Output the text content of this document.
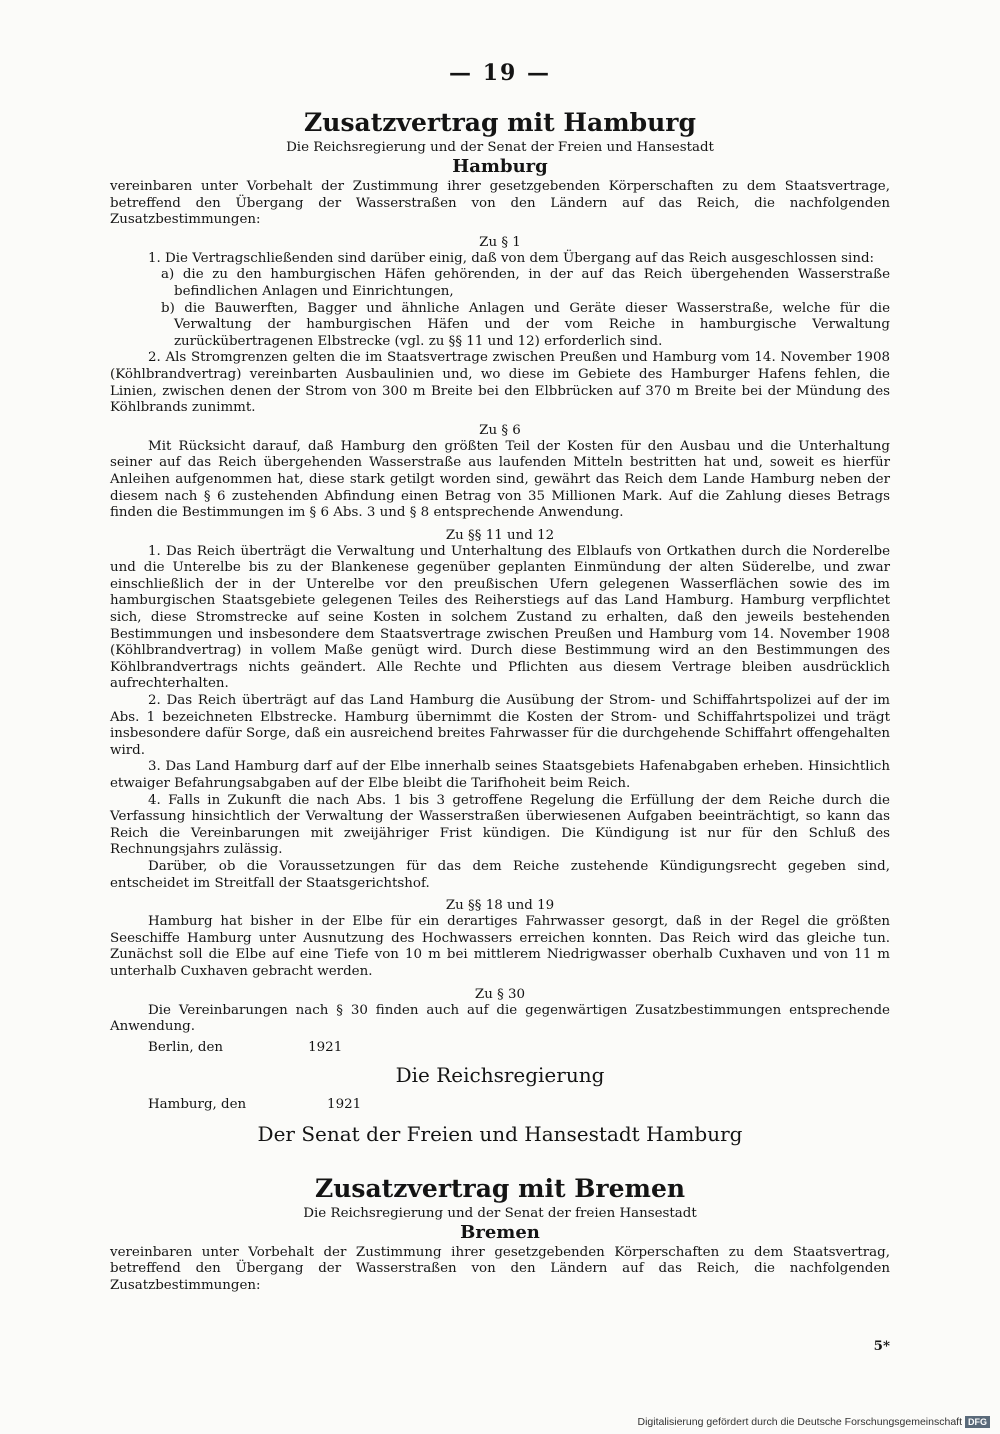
— 19 —
Zusatzvertrag mit Hamburg
Die Reichsregierung und der Senat der Freien und Hansestadt
Hamburg

vereinbaren unter Vorbehalt der Zustimmung ihrer gesetzgebenden Körperschaften zu dem Staatsvertrage, betreffend den Übergang der Wasserstraßen von den Ländern auf das Reich, die nachfolgenden Zusatzbestimmungen:

Zu § 1

1. Die Vertragschließenden sind darüber einig, daß von dem Übergang auf das Reich ausgeschlossen sind:

a) die zu den hamburgischen Häfen gehörenden, in der auf das Reich übergehenden Wasserstraße befindlichen Anlagen und Einrichtungen,

b) die Bauwerften, Bagger und ähnliche Anlagen und Geräte dieser Wasserstraße, welche für die Verwaltung der hamburgischen Häfen und der vom Reiche in hamburgische Verwaltung zurückübertragenen Elbstrecke (vgl. zu §§ 11 und 12) erforderlich sind.

2. Als Stromgrenzen gelten die im Staatsvertrage zwischen Preußen und Hamburg vom 14. November 1908 (Köhlbrandvertrag) vereinbarten Ausbaulinien und, wo diese im Gebiete des Hamburger Hafens fehlen, die Linien, zwischen denen der Strom von 300 m Breite bei den Elbbrücken auf 370 m Breite bei der Mündung des Köhlbrands zunimmt.

Zu § 6

Mit Rücksicht darauf, daß Hamburg den größten Teil der Kosten für den Ausbau und die Unterhaltung seiner auf das Reich übergehenden Wasserstraße aus laufenden Mitteln bestritten hat und, soweit es hierfür Anleihen aufgenommen hat, diese stark getilgt worden sind, gewährt das Reich dem Lande Hamburg neben der diesem nach § 6 zustehenden Abfindung einen Betrag von 35 Millionen Mark. Auf die Zahlung dieses Betrags finden die Bestimmungen im § 6 Abs. 3 und § 8 entsprechende Anwendung.

Zu §§ 11 und 12

1. Das Reich überträgt die Verwaltung und Unterhaltung des Elblaufs von Ortkathen durch die Norderelbe und die Unterelbe bis zu der Blankenese gegenüber geplanten Einmündung der alten Süderelbe, und zwar einschließlich der in der Unterelbe vor den preußischen Ufern gelegenen Wasserflächen sowie des im hamburgischen Staatsgebiete gelegenen Teiles des Reiherstiegs auf das Land Hamburg. Hamburg verpflichtet sich, diese Stromstrecke auf seine Kosten in solchem Zustand zu erhalten, daß den jeweils bestehenden Bestimmungen und insbesondere dem Staatsvertrage zwischen Preußen und Hamburg vom 14. November 1908 (Köhlbrandvertrag) in vollem Maße genügt wird. Durch diese Bestimmung wird an den Bestimmungen des Köhlbrandvertrags nichts geändert. Alle Rechte und Pflichten aus diesem Vertrage bleiben ausdrücklich aufrechterhalten.

2. Das Reich überträgt auf das Land Hamburg die Ausübung der Strom- und Schiffahrtspolizei auf der im Abs. 1 bezeichneten Elbstrecke. Hamburg übernimmt die Kosten der Strom- und Schiffahrtspolizei und trägt insbesondere dafür Sorge, daß ein ausreichend breites Fahrwasser für die durchgehende Schiffahrt offengehalten wird.

3. Das Land Hamburg darf auf der Elbe innerhalb seines Staatsgebiets Hafenabgaben erheben. Hinsichtlich etwaiger Befahrungsabgaben auf der Elbe bleibt die Tarifhoheit beim Reich.

4. Falls in Zukunft die nach Abs. 1 bis 3 getroffene Regelung die Erfüllung der dem Reiche durch die Verfassung hinsichtlich der Verwaltung der Wasserstraßen überwiesenen Aufgaben beeinträchtigt, so kann das Reich die Vereinbarungen mit zweijähriger Frist kündigen. Die Kündigung ist nur für den Schluß des Rechnungsjahrs zulässig.

Darüber, ob die Voraussetzungen für das dem Reiche zustehende Kündigungsrecht gegeben sind, entscheidet im Streitfall der Staatsgerichtshof.

Zu §§ 18 und 19

Hamburg hat bisher in der Elbe für ein derartiges Fahrwasser gesorgt, daß in der Regel die größten Seeschiffe Hamburg unter Ausnutzung des Hochwassers erreichen konnten. Das Reich wird das gleiche tun. Zunächst soll die Elbe auf eine Tiefe von 10 m bei mittlerem Niedrigwasser oberhalb Cuxhaven und von 11 m unterhalb Cuxhaven gebracht werden.

Zu § 30

Die Vereinbarungen nach § 30 finden auch auf die gegenwärtigen Zusatzbestimmungen entsprechende Anwendung.

Berlin, den	1921
Die Reichsregierung
Hamburg, den	1921
Der Senat der Freien und Hansestadt Hamburg
Zusatzvertrag mit Bremen
Die Reichsregierung und der Senat der freien Hansestadt
Bremen

vereinbaren unter Vorbehalt der Zustimmung ihrer gesetzgebenden Körperschaften zu dem Staatsvertrag, betreffend den Übergang der Wasserstraßen von den Ländern auf das Reich, die nachfolgenden Zusatzbestimmungen:

5*
Digitalisierung gefördert durch die Deutsche Forschungsgemeinschaft DFG
